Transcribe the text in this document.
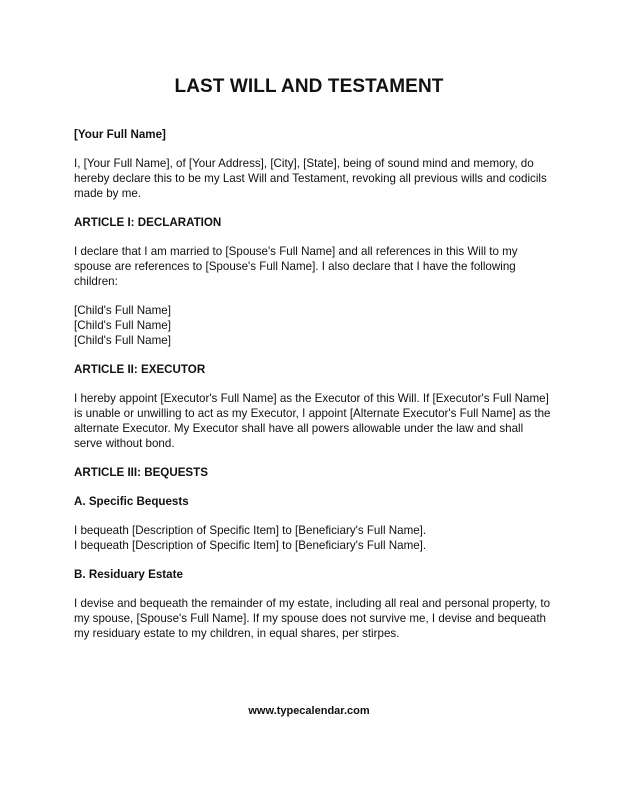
LAST WILL AND TESTAMENT

[Your Full Name]

I, [Your Full Name], of [Your Address], [City], [State], being of sound mind and memory, do hereby declare this to be my Last Will and Testament, revoking all previous wills and codicils made by me.

ARTICLE I: DECLARATION

I declare that I am married to [Spouse's Full Name] and all references in this Will to my spouse are references to [Spouse's Full Name]. I also declare that I have the following children:

[Child's Full Name]

[Child's Full Name]

[Child's Full Name]

ARTICLE II: EXECUTOR

I hereby appoint [Executor's Full Name] as the Executor of this Will. If [Executor's Full Name] is unable or unwilling to act as my Executor, I appoint [Alternate Executor's Full Name] as the alternate Executor. My Executor shall have all powers allowable under the law and shall serve without bond.

ARTICLE III: BEQUESTS

A. Specific Bequests

I bequeath [Description of Specific Item] to [Beneficiary's Full Name].

I bequeath [Description of Specific Item] to [Beneficiary's Full Name].

B. Residuary Estate

I devise and bequeath the remainder of my estate, including all real and personal property, to my spouse, [Spouse's Full Name]. If my spouse does not survive me, I devise and bequeath my residuary estate to my children, in equal shares, per stirpes.

www.typecalendar.com
